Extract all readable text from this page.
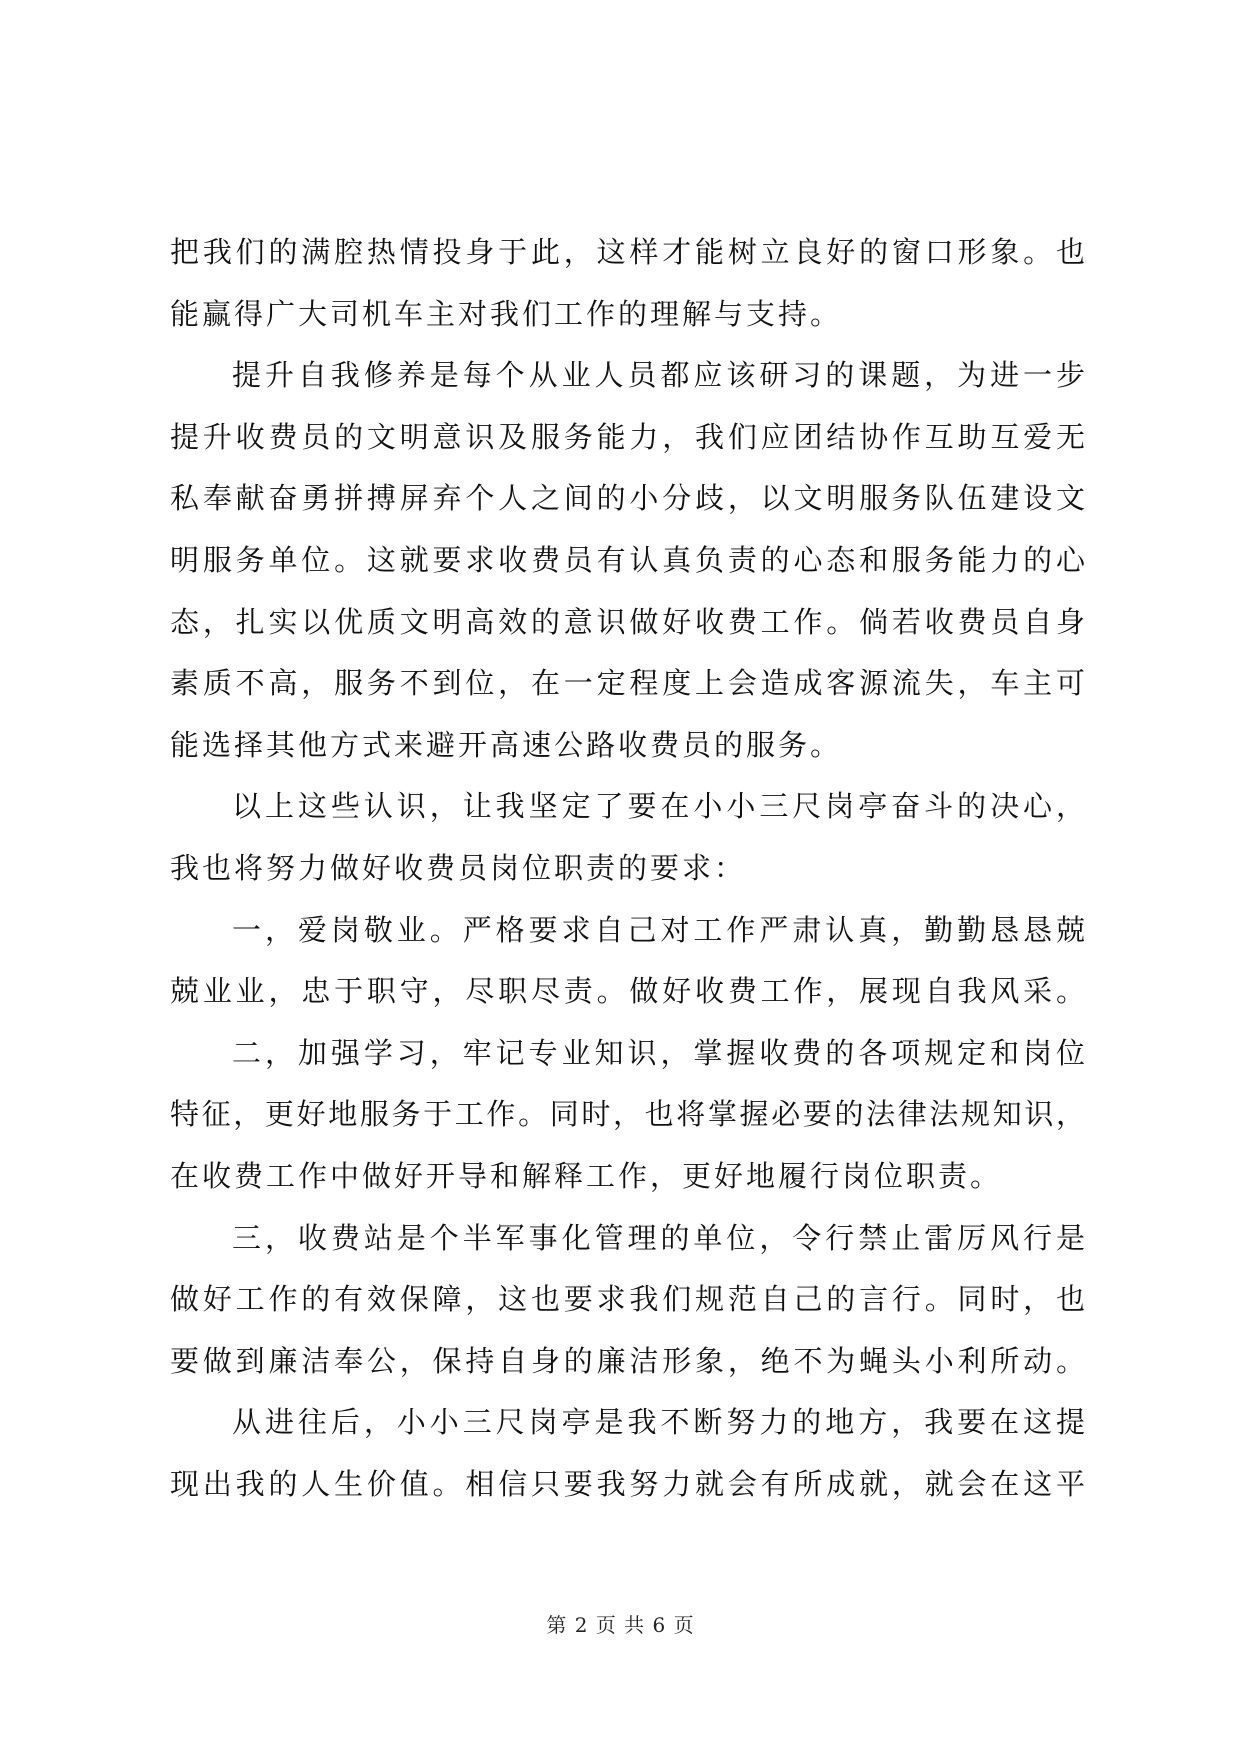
把我们的满腔热情投身于此，这样才能树立良好的窗口形象。也
能赢得广大司机车主对我们工作的理解与支持。
提升自我修养是每个从业人员都应该研习的课题，为进一步
提升收费员的文明意识及服务能力，我们应团结协作互助互爱无
私奉献奋勇拼搏屏弃个人之间的小分歧，以文明服务队伍建设文
明服务单位。这就要求收费员有认真负责的心态和服务能力的心
态，扎实以优质文明高效的意识做好收费工作。倘若收费员自身
素质不高，服务不到位，在一定程度上会造成客源流失，车主可
能选择其他方式来避开高速公路收费员的服务。
以上这些认识，让我坚定了要在小小三尺岗亭奋斗的决心，
我也将努力做好收费员岗位职责的要求：
一，爱岗敬业。严格要求自己对工作严肃认真，勤勤恳恳兢
兢业业，忠于职守，尽职尽责。做好收费工作，展现自我风采。
二，加强学习，牢记专业知识，掌握收费的各项规定和岗位
特征，更好地服务于工作。同时，也将掌握必要的法律法规知识，
在收费工作中做好开导和解释工作，更好地履行岗位职责。
三，收费站是个半军事化管理的单位，令行禁止雷厉风行是
做好工作的有效保障，这也要求我们规范自己的言行。同时，也
要做到廉洁奉公，保持自身的廉洁形象，绝不为蝇头小利所动。
从进往后，小小三尺岗亭是我不断努力的地方，我要在这提
现出我的人生价值。相信只要我努力就会有所成就，就会在这平
第 2 页 共 6 页
